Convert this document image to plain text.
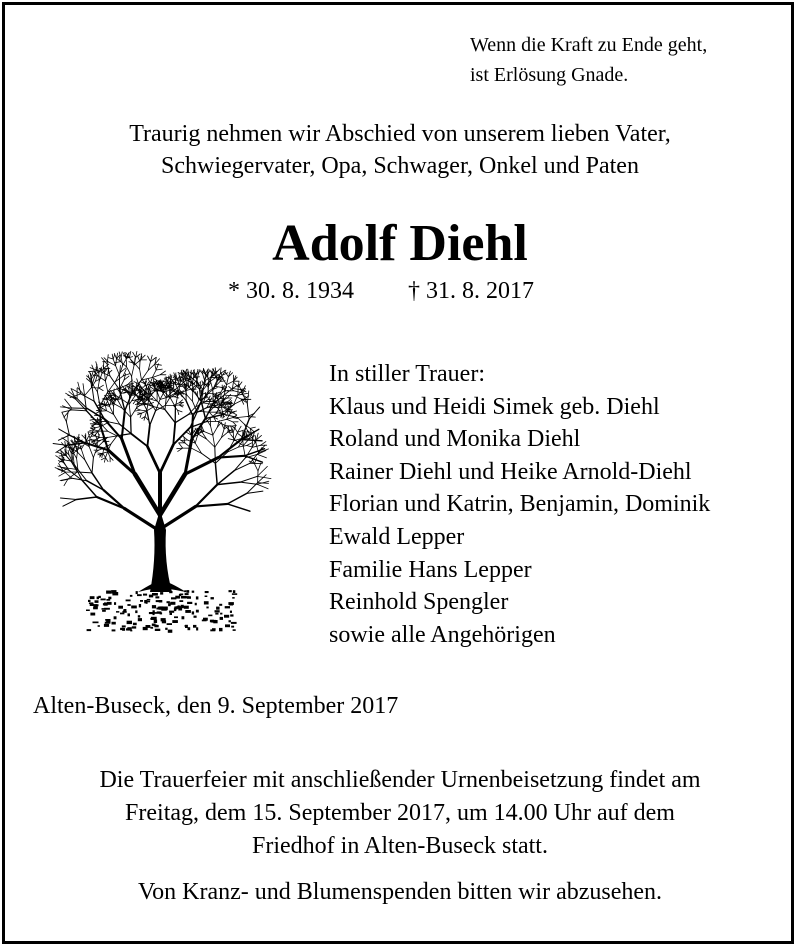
Wenn die Kraft zu Ende geht,
ist Erlösung Gnade.
Traurig nehmen wir Abschied von unserem lieben Vater,
Schwiegervater, Opa, Schwager, Onkel und Paten
Adolf Diehl
* 30. 8. 1934 † 31. 8. 2017
In stiller Trauer:
Klaus und Heidi Simek geb. Diehl
Roland und Monika Diehl
Rainer Diehl und Heike Arnold-Diehl
Florian und Katrin, Benjamin, Dominik
Ewald Lepper
Familie Hans Lepper
Reinhold Spengler
sowie alle Angehörigen
Alten-Buseck, den 9. September 2017
Die Trauerfeier mit anschließender Urnenbeisetzung findet am
Freitag, dem 15. September 2017, um 14.00 Uhr auf dem
Friedhof in Alten-Buseck statt.
Von Kranz- und Blumenspenden bitten wir abzusehen.
